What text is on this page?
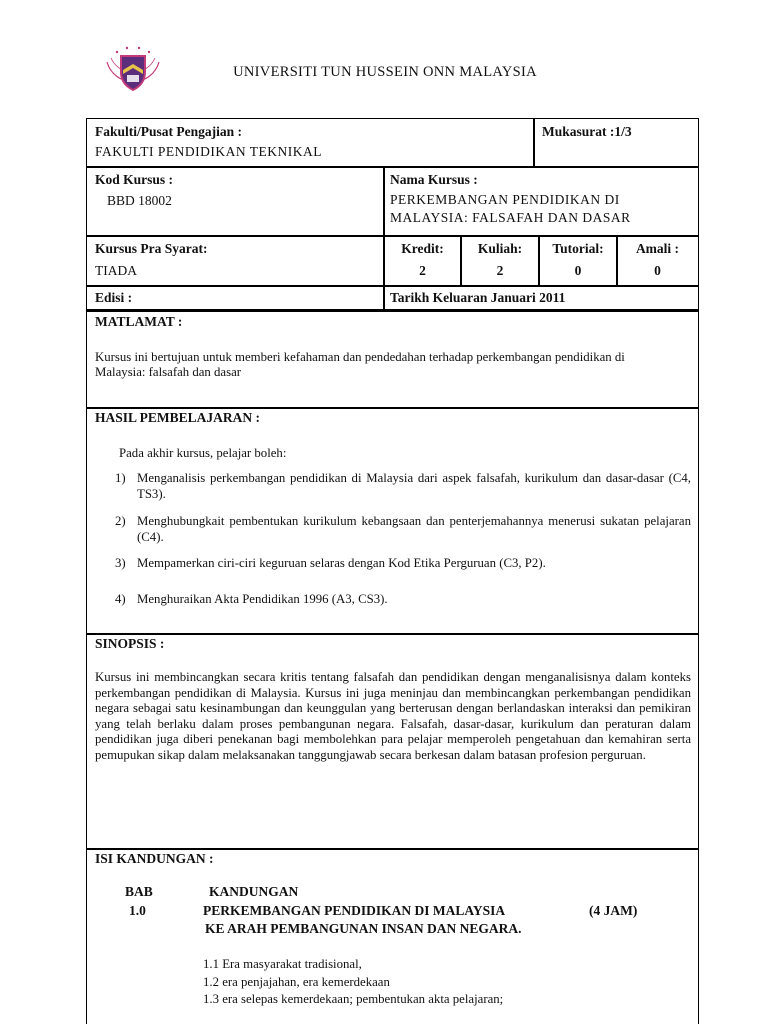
UNIVERSITI TUN HUSSEIN ONN MALAYSIA
Fakulti/Pusat Pengajian :
FAKULTI PENDIDIKAN TEKNIKAL
Mukasurat :1/3
Kod Kursus :
BBD 18002
Nama Kursus :
PERKEMBANGAN PENDIDIKAN DI
MALAYSIA: FALSAFAH DAN DASAR
Kursus Pra Syarat:
TIADA
Kredit:
2
Kuliah:
2
Tutorial:
0
Amali :
0
Edisi :	Tarikh Keluaran Januari 2011
MATLAMAT :
Kursus ini bertujuan untuk memberi kefahaman dan pendedahan terhadap perkembangan pendidikan di Malaysia: falsafah dan dasar
HASIL PEMBELAJARAN :
Pada akhir kursus, pelajar boleh:
1) Menganalisis perkembangan pendidikan di Malaysia dari aspek falsafah, kurikulum dan dasar-dasar (C4, TS3).
2) Menghubungkait pembentukan kurikulum kebangsaan dan penterjemahannya menerusi sukatan pelajaran (C4).
3) Mempamerkan ciri-ciri keguruan selaras dengan Kod Etika Perguruan (C3, P2).
4) Menghuraikan Akta Pendidikan 1996 (A3, CS3).
SINOPSIS :
Kursus ini membincangkan secara kritis tentang falsafah dan pendidikan dengan menganalisisnya dalam konteks perkembangan pendidikan di Malaysia. Kursus ini juga meninjau dan membincangkan perkembangan pendidikan negara sebagai satu kesinambungan dan keunggulan yang berterusan dengan berlandaskan interaksi dan pemikiran yang telah berlaku dalam proses pembangunan negara. Falsafah, dasar-dasar, kurikulum dan peraturan dalam pendidikan juga diberi penekanan bagi membolehkan para pelajar memperoleh pengetahuan dan kemahiran serta pemupukan sikap dalam melaksanakan tanggungjawab secara berkesan dalam batasan profesion perguruan.
ISI KANDUNGAN :
BAB	KANDUNGAN
1.0	PERKEMBANGAN PENDIDIKAN DI MALAYSIA	(4 JAM)
KE ARAH PEMBANGUNAN INSAN DAN NEGARA.
1.1 Era masyarakat tradisional,
1.2 era penjajahan, era kemerdekaan
1.3 era selepas kemerdekaan; pembentukan akta pelajaran;
